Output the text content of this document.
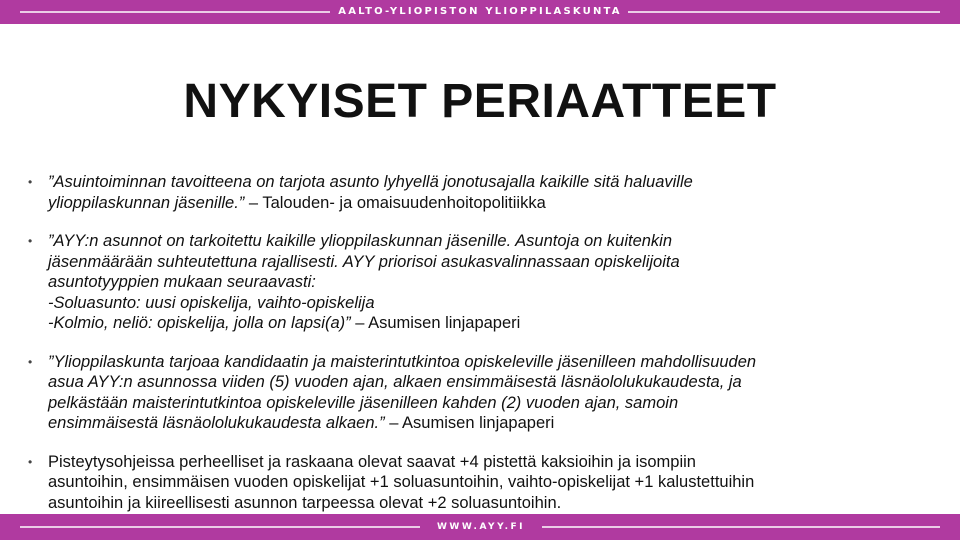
AALTO-YLIOPISTON YLIOPPILASKUNTA
NYKYISET PERIAATTEET
• ”Asuintoiminnan tavoitteena on tarjota asunto lyhyellä jonotusajalla kaikille sitä haluaville
ylioppilaskunnan jäsenille.” – Talouden- ja omaisuudenhoitopolitiikka
• ”AYY:n asunnot on tarkoitettu kaikille ylioppilaskunnan jäsenille. Asuntoja on kuitenkin
jäsenmäärään suhteutettuna rajallisesti. AYY priorisoi asukasvalinnassaan opiskelijoita
asuntotyyppien mukaan seuraavasti:
-Soluasunto: uusi opiskelija, vaihto-opiskelija
-Kolmio, neliö: opiskelija, jolla on lapsi(a)” – Asumisen linjapaperi
• ”Ylioppilaskunta tarjoaa kandidaatin ja maisterintutkintoa opiskeleville jäsenilleen mahdollisuuden
asua AYY:n asunnossa viiden (5) vuoden ajan, alkaen ensimmäisestä läsnäololukukaudesta, ja
pelkästään maisterintutkintoa opiskeleville jäsenilleen kahden (2) vuoden ajan, samoin
ensimmäisestä läsnäololukukaudesta alkaen.” – Asumisen linjapaperi
• Pisteytysohjeissa perheelliset ja raskaana olevat saavat +4 pistettä kaksioihin ja isompiin
asuntoihin, ensimmäisen vuoden opiskelijat +1 soluasuntoihin, vaihto-opiskelijat +1 kalustettuihin
asuntoihin ja kiireellisesti asunnon tarpeessa olevat +2 soluasuntoihin.
WWW.AYY.FI
